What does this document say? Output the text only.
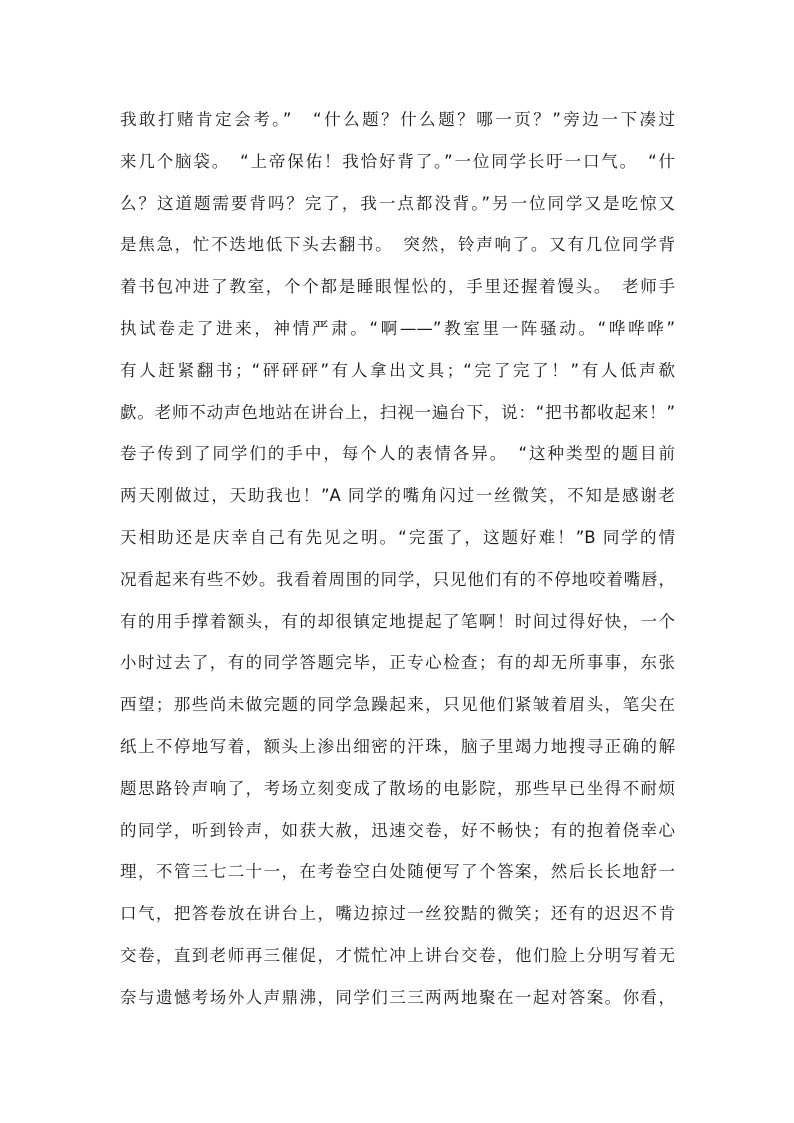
我敢打赌肯定会考。”　“什么题？什么题？哪一页？”旁边一下凑过
来几个脑袋。　“上帝保佑！我恰好背了。”一位同学长吁一口气。　“什
么？这道题需要背吗？完了，我一点都没背。”另一位同学又是吃惊又
是焦急，忙不迭地低下头去翻书。　突然，铃声响了。又有几位同学背
着书包冲进了教室，个个都是睡眼惺忪的，手里还握着馒头。　老师手
执试卷走了进来，神情严肃。“啊——”教室里一阵骚动。“哗哗哗”
有人赶紧翻书；“砰砰砰”有人拿出文具；“完了完了！”有人低声欷
歔。老师不动声色地站在讲台上，扫视一遍台下，说：“把书都收起来！”
卷子传到了同学们的手中，每个人的表情各异。　“这种类型的题目前
两天刚做过，天助我也！”A 同学的嘴角闪过一丝微笑，不知是感谢老
天相助还是庆幸自己有先见之明。“完蛋了，这题好难！”B 同学的情
况看起来有些不妙。我看着周围的同学，只见他们有的不停地咬着嘴唇，
有的用手撑着额头，有的却很镇定地提起了笔啊！时间过得好快，一个
小时过去了，有的同学答题完毕，正专心检查；有的却无所事事，东张
西望；那些尚未做完题的同学急躁起来，只见他们紧皱着眉头，笔尖在
纸上不停地写着，额头上渗出细密的汗珠，脑子里竭力地搜寻正确的解
题思路铃声响了，考场立刻变成了散场的电影院，那些早已坐得不耐烦
的同学，听到铃声，如获大赦，迅速交卷，好不畅快；有的抱着侥幸心
理，不管三七二十一，在考卷空白处随便写了个答案，然后长长地舒一
口气，把答卷放在讲台上，嘴边掠过一丝狡黠的微笑；还有的迟迟不肯
交卷，直到老师再三催促，才慌忙冲上讲台交卷，他们脸上分明写着无
奈与遗憾考场外人声鼎沸，同学们三三两两地聚在一起对答案。你看，
